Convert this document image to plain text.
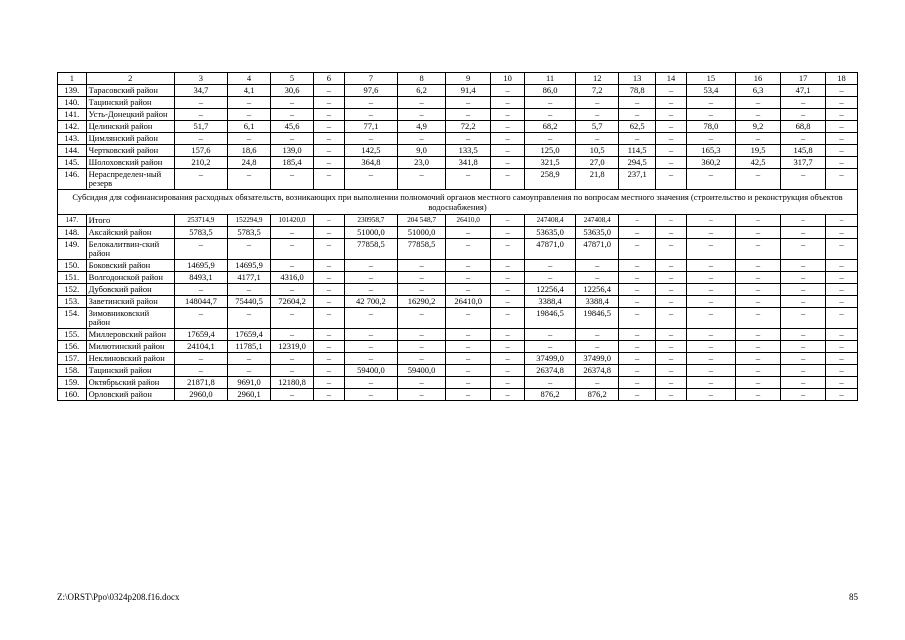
1	2	3	4	5	6	7	8	9	10	11	12	13	14	15	16	17	18
139.	Тарасовский район	34,7	4,1	30,6	–	97,6	6,2	91,4	–	86,0	7,2	78,8	–	53,4	6,3	47,1	–
140.	Тацинский район	–	–	–	–	–	–	–	–	–	–	–	–	–	–	–	–
141.	Усть-Донецкий район	–	–	–	–	–	–	–	–	–	–	–	–	–	–	–	–
142.	Целинский район	51,7	6,1	45,6	–	77,1	4,9	72,2	–	68,2	5,7	62,5	–	78,0	9,2	68,8	–
143.	Цимлянский район	–	–	–	–	–	–	–	–	–	–	–	–	–	–	–	–
144.	Чертковский район	157,6	18,6	139,0	–	142,5	9,0	133,5	–	125,0	10,5	114,5	–	165,3	19,5	145,8	–
145.	Шолоховский район	210,2	24,8	185,4	–	364,8	23,0	341,8	–	321,5	27,0	294,5	–	360,2	42,5	317,7	–
146.	Нераспределен-ный резерв	–	–	–	–	–	–	–	–	258,9	21,8	237,1	–	–	–	–	–
Субсидия для софинансирования расходных обязательств, возникающих при выполнении полномочий органов местного самоуправления по вопросам местного значения (строительство и реконструкция объектов водоснабжения)																	
147.	Итого	253714,9	152294,9	101420,0	–	230958,7	204 548,7	26410,0	–	247408,4	247408,4	–	–	–	–	–	–
148.	Аксайский район	5783,5	5783,5	–	–	51000,0	51000,0	–	–	53635,0	53635,0	–	–	–	–	–	–
149.	Белокалитвин-ский район	–	–	–	–	77858,5	77858,5	–	–	47871,0	47871,0	–	–	–	–	–	–
150.	Боковский район	14695,9	14695,9	–	–	–	–	–	–	–	–	–	–	–	–	–	–
151.	Волгодонской район	8493,1	4177,1	4316,0	–	–	–	–	–	–	–	–	–	–	–	–	–
152.	Дубовский район	–	–	–	–	–	–	–	–	12256,4	12256,4	–	–	–	–	–	–
153.	Заветинский район	148044,7	75440,5	72604,2	–	42 700,2	16290,2	26410,0	–	3388,4	3388,4	–	–	–	–	–	–
154.	Зимовниковский район	–	–	–	–	–	–	–	–	19846,5	19846,5	–	–	–	–	–	–
155.	Миллеровский район	17659,4	17659,4	–	–	–	–	–	–	–	–	–	–	–	–	–	–
156.	Милютинский район	24104,1	11785,1	12319,0	–	–	–	–	–	–	–	–	–	–	–	–	–
157.	Неклиновский район	–	–	–	–	–	–	–	–	37499,0	37499,0	–	–	–	–	–	–
158.	Тацинский район	–	–	–	–	59400,0	59400,0	–	–	26374,8	26374,8	–	–	–	–	–	–
159.	Октябрьский район	21871,8	9691,0	12180,8	–	–	–	–	–	–	–	–	–	–	–	–	–
160.	Орловский район	2960,0	2960,1	–	–	–	–	–	–	876,2	876,2	–	–	–	–	–	–
Z:\ORST\Ppo\0324p208.f16.docx	85
